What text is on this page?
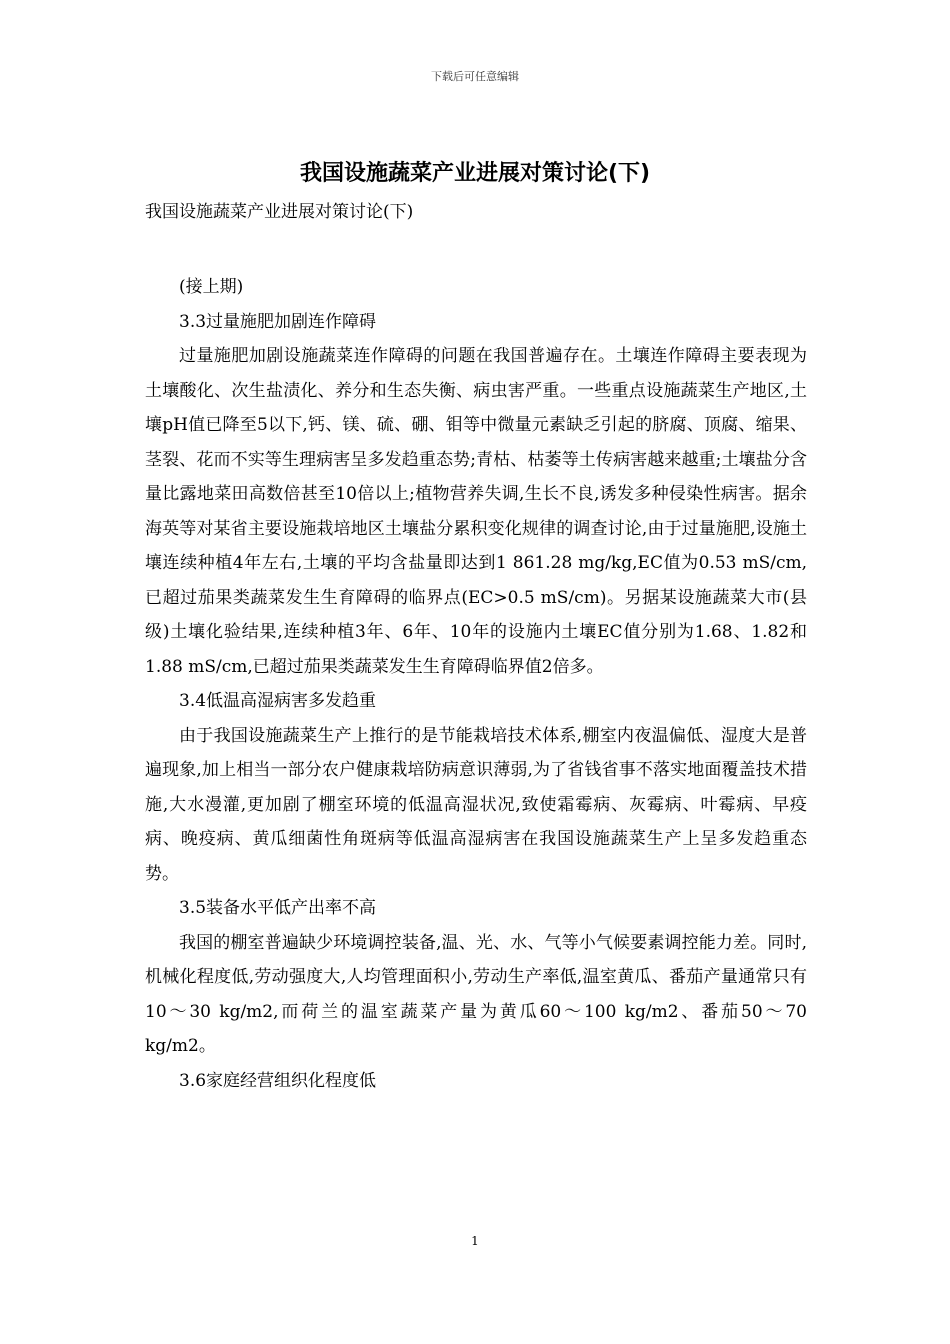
下载后可任意编辑
我国设施蔬菜产业进展对策讨论(下)
我国设施蔬菜产业进展对策讨论(下)

(接上期)

3.3过量施肥加剧连作障碍

过量施肥加剧设施蔬菜连作障碍的问题在我国普遍存在。土壤连作障碍主要表现为土壤酸化、次生盐渍化、养分和生态失衡、病虫害严重。一些重点设施蔬菜生产地区,土壤pH值已降至5以下,钙、镁、硫、硼、钼等中微量元素缺乏引起的脐腐、顶腐、缩果、茎裂、花而不实等生理病害呈多发趋重态势;青枯、枯萎等土传病害越来越重;土壤盐分含量比露地菜田高数倍甚至10倍以上;植物营养失调,生长不良,诱发多种侵染性病害。据余海英等对某省主要设施栽培地区土壤盐分累积变化规律的调查讨论,由于过量施肥,设施土壤连续种植4年左右,土壤的平均含盐量即达到1 861.28 mg/kg,EC值为0.53 mS/cm,已超过茄果类蔬菜发生生育障碍的临界点(EC>0.5 mS/cm)。另据某设施蔬菜大市(县级)土壤化验结果,连续种植3年、6年、10年的设施内土壤EC值分别为1.68、1.82和1.88 mS/cm,已超过茄果类蔬菜发生生育障碍临界值2倍多。

3.4低温高湿病害多发趋重

由于我国设施蔬菜生产上推行的是节能栽培技术体系,棚室内夜温偏低、湿度大是普遍现象,加上相当一部分农户健康栽培防病意识薄弱,为了省钱省事不落实地面覆盖技术措施,大水漫灌,更加剧了棚室环境的低温高湿状况,致使霜霉病、灰霉病、叶霉病、早疫病、晚疫病、黄瓜细菌性角斑病等低温高湿病害在我国设施蔬菜生产上呈多发趋重态势。

3.5装备水平低产出率不高

我国的棚室普遍缺少环境调控装备,温、光、水、气等小气候要素调控能力差。同时,机械化程度低,劳动强度大,人均管理面积小,劳动生产率低,温室黄瓜、番茄产量通常只有10～30 kg/m2,而荷兰的温室蔬菜产量为黄瓜60～100 kg/m2、番茄50～70 kg/m2。

3.6家庭经营组织化程度低

1
